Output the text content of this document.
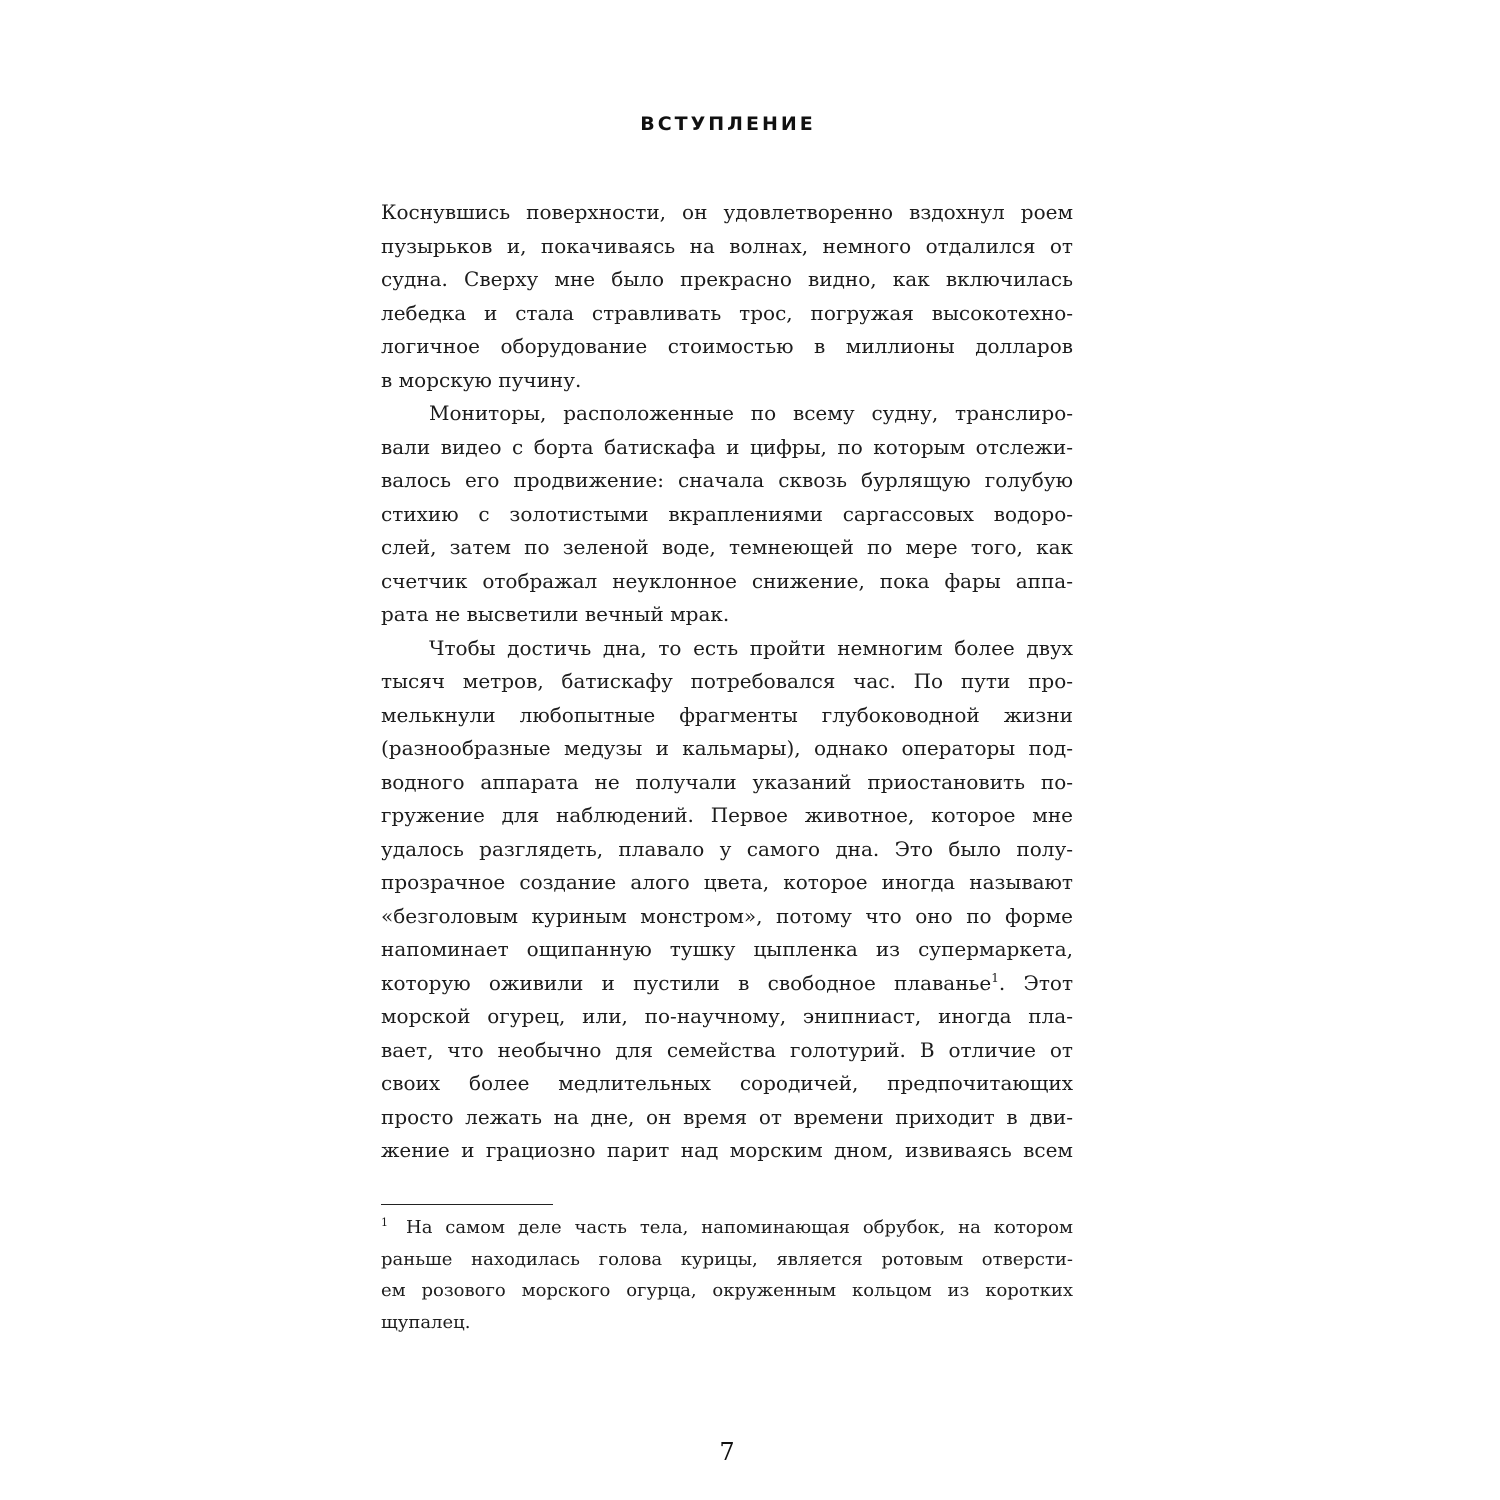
ВСТУПЛЕНИЕ
Коснувшись поверхности, он удовлетворенно вздохнул роем
пузырьков и, покачиваясь на волнах, немного отдалился от
судна. Сверху мне было прекрасно видно, как включилась
лебедка и стала стравливать трос, погружая высокотехно-
логичное оборудование стоимостью в миллионы долларов
в морскую пучину.
Мониторы, расположенные по всему судну, транслиро-
вали видео с борта батискафа и цифры, по которым отслежи-
валось его продвижение: сначала сквозь бурлящую голубую
стихию с золотистыми вкраплениями саргассовых водоро-
слей, затем по зеленой воде, темнеющей по мере того, как
счетчик отображал неуклонное снижение, пока фары аппа-
рата не высветили вечный мрак.
Чтобы достичь дна, то есть пройти немногим более двух
тысяч метров, батискафу потребовался час. По пути про-
мелькнули любопытные фрагменты глубоководной жизни
(разнообразные медузы и кальмары), однако операторы под-
водного аппарата не получали указаний приостановить по-
гружение для наблюдений. Первое животное, которое мне
удалось разглядеть, плавало у самого дна. Это было полу-
прозрачное создание алого цвета, которое иногда называют
«безголовым куриным монстром», потому что оно по форме
напоминает ощипанную тушку цыпленка из супермаркета,
которую оживили и пустили в свободное плаванье$^1$. Этот
морской огурец, или, по-научному, энипниаст, иногда пла-
вает, что необычно для семейства голотурий. В отличие от
своих более медлительных сородичей, предпочитающих
просто лежать на дне, он время от времени приходит в дви-
жение и грациозно парит над морским дном, извиваясь всем
$^1$ На самом деле часть тела, напоминающая обрубок, на котором
раньше находилась голова курицы, является ротовым отверсти-
ем розового морского огурца, окруженным кольцом из коротких
щупалец.
7
